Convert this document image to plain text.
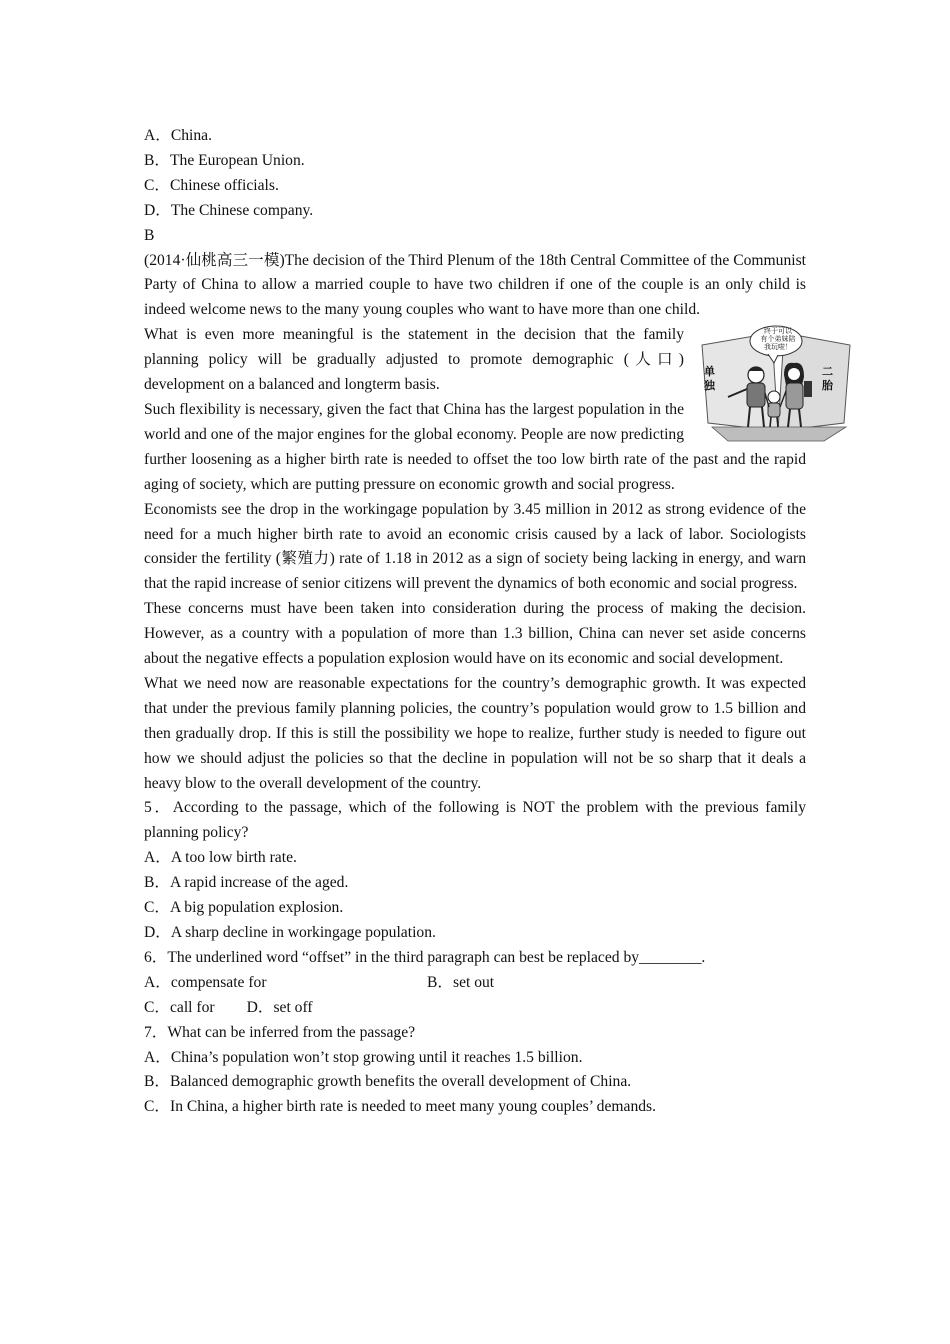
A．China.
B．The European Union.
C．Chinese officials.
D．The Chinese company.
B
(2014·仙桃高三一模)The decision of the Third Plenum of the 18th Central Committee of the Communist Party of China to allow a married couple to have two children if one of the couple is an only child is indeed welcome news to the many young couples who want to have more than one child.
终于可以
有个弟妹陪
我玩啦！
单
独
二
胎
What is even more meaningful is the statement in the decision that the family planning policy will be gradually adjusted to promote demographic (人口) development on a balanced and longterm basis.
Such flexibility is necessary, given the fact that China has the largest population in the world and one of the major engines for the global economy. People are now predicting further loosening as a higher birth rate is needed to offset the too low birth rate of the past and the rapid aging of society, which are putting pressure on economic growth and social progress.
Economists see the drop in the workingage population by 3.45 million in 2012 as strong evidence of the need for a much higher birth rate to avoid an economic crisis caused by a lack of labor. Sociologists consider the fertility (繁殖力) rate of 1.18 in 2012 as a sign of society being lacking in energy, and warn that the rapid increase of senior citizens will prevent the dynamics of both economic and social progress.
These concerns must have been taken into consideration during the process of making the decision. However, as a country with a population of more than 1.3 billion, China can never set aside concerns about the negative effects a population explosion would have on its economic and social development.
What we need now are reasonable expectations for the country’s demographic growth. It was expected that under the previous family planning policies, the country’s population would grow to 1.5 billion and then gradually drop. If this is still the possibility we hope to realize, further study is needed to figure out how we should adjust the policies so that the decline in population will not be so sharp that it deals a heavy blow to the overall development of the country.
5．According to the passage, which of the following is NOT the problem with the previous family planning policy?
A．A too low birth rate.
B．A rapid increase of the aged.
C．A big population explosion.
D．A sharp decline in workingage population.
6．The underlined word “offset” in the third paragraph can best be replaced by________.
A．compensate for	B．set out
C．call for D．set off
7．What can be inferred from the passage?
A．China’s population won’t stop growing until it reaches 1.5 billion.
B．Balanced demographic growth benefits the overall development of China.
C．In China, a higher birth rate is needed to meet many young couples’ demands.
